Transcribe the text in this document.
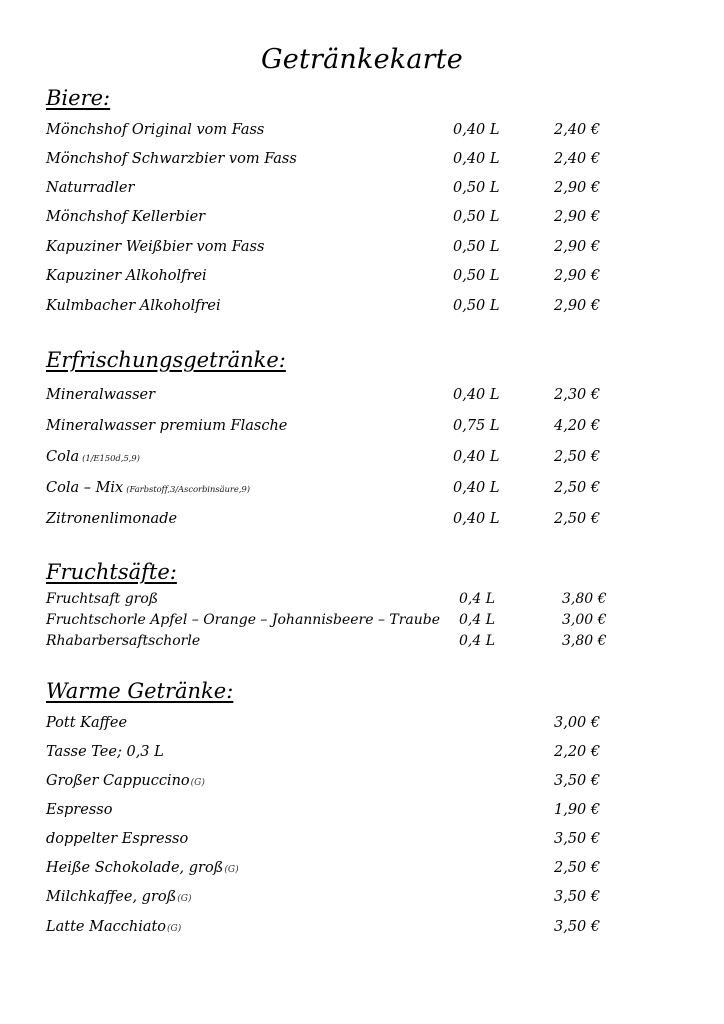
Getränkekarte
Biere:
Mönchshof Original vom Fass	0,40 L	2,40 €
Mönchshof Schwarzbier vom Fass	0,40 L	2,40 €
Naturradler	0,50 L	2,90 €
Mönchshof Kellerbier	0,50 L	2,90 €
Kapuziner Weißbier vom Fass	0,50 L	2,90 €
Kapuziner Alkoholfrei	0,50 L	2,90 €
Kulmbacher Alkoholfrei	0,50 L	2,90 €
Erfrischungsgetränke:
Mineralwasser	0,40 L	2,30 €
Mineralwasser premium Flasche	0,75 L	4,20 €
Cola (1/E150d,5,9)	0,40 L	2,50 €
Cola – Mix (Farbstoff,3/Ascorbinsäure,9)	0,40 L	2,50 €
Zitronenlimonade	0,40 L	2,50 €
Fruchtsäfte:
Fruchtsaft groß	0,4 L	3,80 €
Fruchtschorle Apfel – Orange – Johannisbeere – Traube 0,4 L	3,00 €
Rhabarbersaftschorle	0,4 L	3,80 €
Warme Getränke:
Pott Kaffee	3,00 €
Tasse Tee; 0,3 L	2,20 €
Großer Cappuccino(G)	3,50 €
Espresso	1,90 €
doppelter Espresso	3,50 €
Heiße Schokolade, groß(G)	2,50 €
Milchkaffee, groß(G)	3,50 €
Latte Macchiato(G)	3,50 €
